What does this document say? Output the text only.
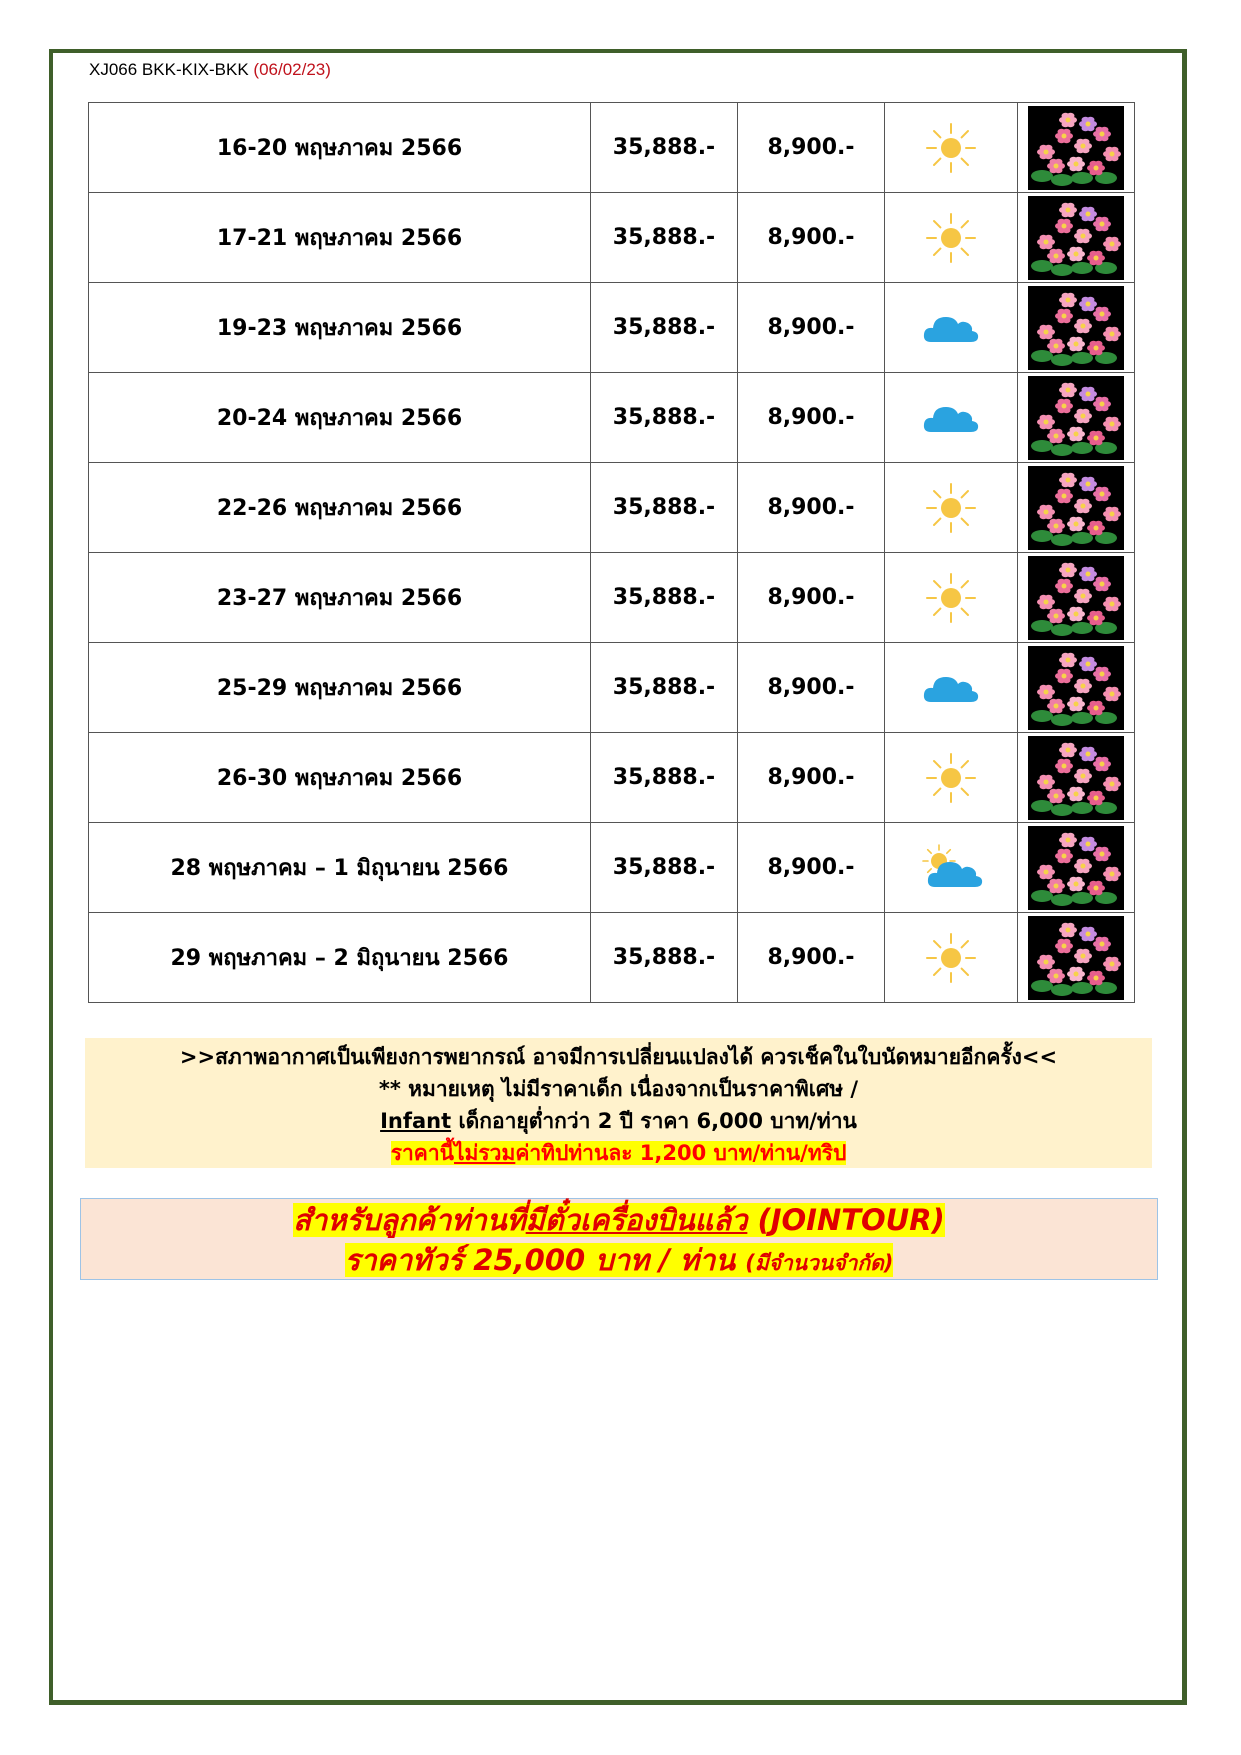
XJ066 BKK-KIX-BKK (06/02/23)
16-20 พฤษภาคม 2566	35,888.-	8,900.-	

17-21 พฤษภาคม 2566	35,888.-	8,900.-	

19-23 พฤษภาคม 2566	35,888.-	8,900.-	

20-24 พฤษภาคม 2566	35,888.-	8,900.-	

22-26 พฤษภาคม 2566	35,888.-	8,900.-	

23-27 พฤษภาคม 2566	35,888.-	8,900.-	

25-29 พฤษภาคม 2566	35,888.-	8,900.-	

26-30 พฤษภาคม 2566	35,888.-	8,900.-	

28 พฤษภาคม – 1 มิถุนายน 2566	35,888.-	8,900.-	

29 พฤษภาคม – 2 มิถุนายน 2566	35,888.-	8,900.-	

>>สภาพอากาศเป็นเพียงการพยากรณ์ อาจมีการเปลี่ยนแปลงได้ ควรเช็คในใบนัดหมายอีกครั้ง<<
** หมายเหตุ ไม่มีราคาเด็ก เนื่องจากเป็นราคาพิเศษ /
Infant เด็กอายุต่ำกว่า 2 ปี ราคา 6,000 บาท/ท่าน
ราคานี้ไม่รวมค่าทิปท่านละ 1,200 บาท/ท่าน/ทริป
สำหรับลูกค้าท่านที่มีตั๋วเครื่องบินแล้ว (JOINTOUR)
ราคาทัวร์ 25,000 บาท / ท่าน (มีจำนวนจำกัด)
